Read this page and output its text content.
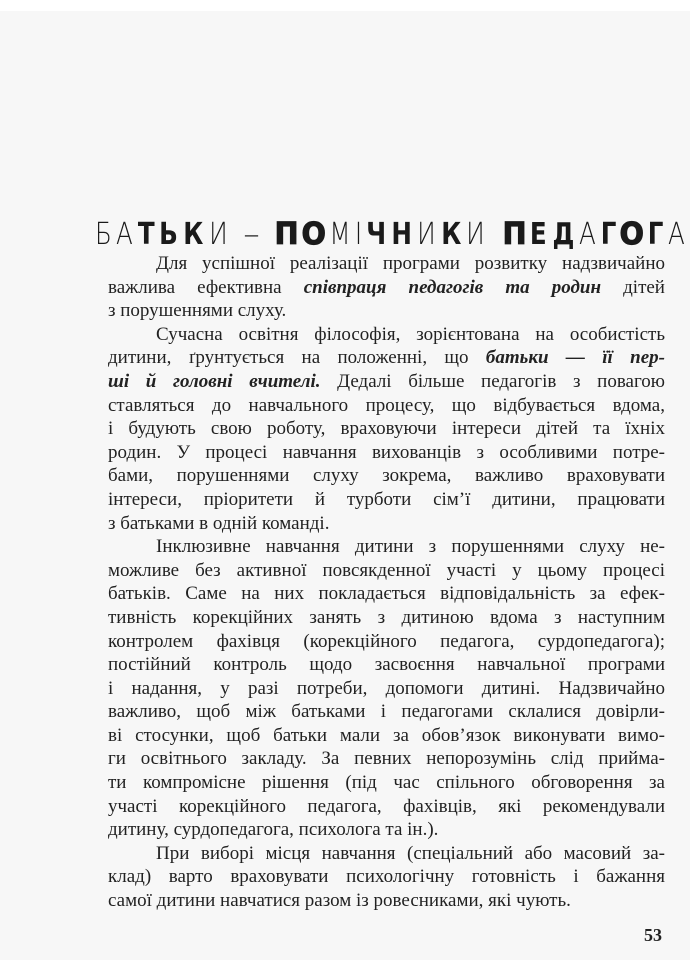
Б А Т Ь К И – ПО М І Ч Н И К И ПЕ Д А ГОГ А
Для успішної реалізації програми розвитку надзвичайно
важлива ефективна співпраця педагогів та родин дітей
з порушеннями слуху.
Сучасна освітня філософія, зорієнтована на особистість
дитини, ґрунтується на положенні, що батьки — її пер-
ші й головні вчителі. Дедалі більше педагогів з повагою
ставляться до навчального процесу, що відбувається вдома,
і будують свою роботу, враховуючи інтереси дітей та їхніх
родин. У процесі навчання вихованців з особливими потре-
бами, порушеннями слуху зокрема, важливо враховувати
інтереси, пріоритети й турботи сім’ї дитини, працювати
з батьками в одній команді.
Інклюзивне навчання дитини з порушеннями слуху не-
можливе без активної повсякденної участі у цьому процесі
батьків. Саме на них покладається відповідальність за ефек-
тивність корекційних занять з дитиною вдома з наступним
контролем фахівця (корекційного педагога, сурдопедагога);
постійний контроль щодо засвоєння навчальної програми
і надання, у разі потреби, допомоги дитині. Надзвичайно
важливо, щоб між батьками і педагогами склалися довірли-
ві стосунки, щоб батьки мали за обов’язок виконувати вимо-
ги освітнього закладу. За певних непорозумінь слід прийма-
ти компромісне рішення (під час спільного обговорення за
участі корекційного педагога, фахівців, які рекомендували
дитину, сурдопедагога, психолога та ін.).
При виборі місця навчання (спеціальний або масовий за-
клад) варто враховувати психологічну готовність і бажання
самої дитини навчатися разом із ровесниками, які чують.
53
